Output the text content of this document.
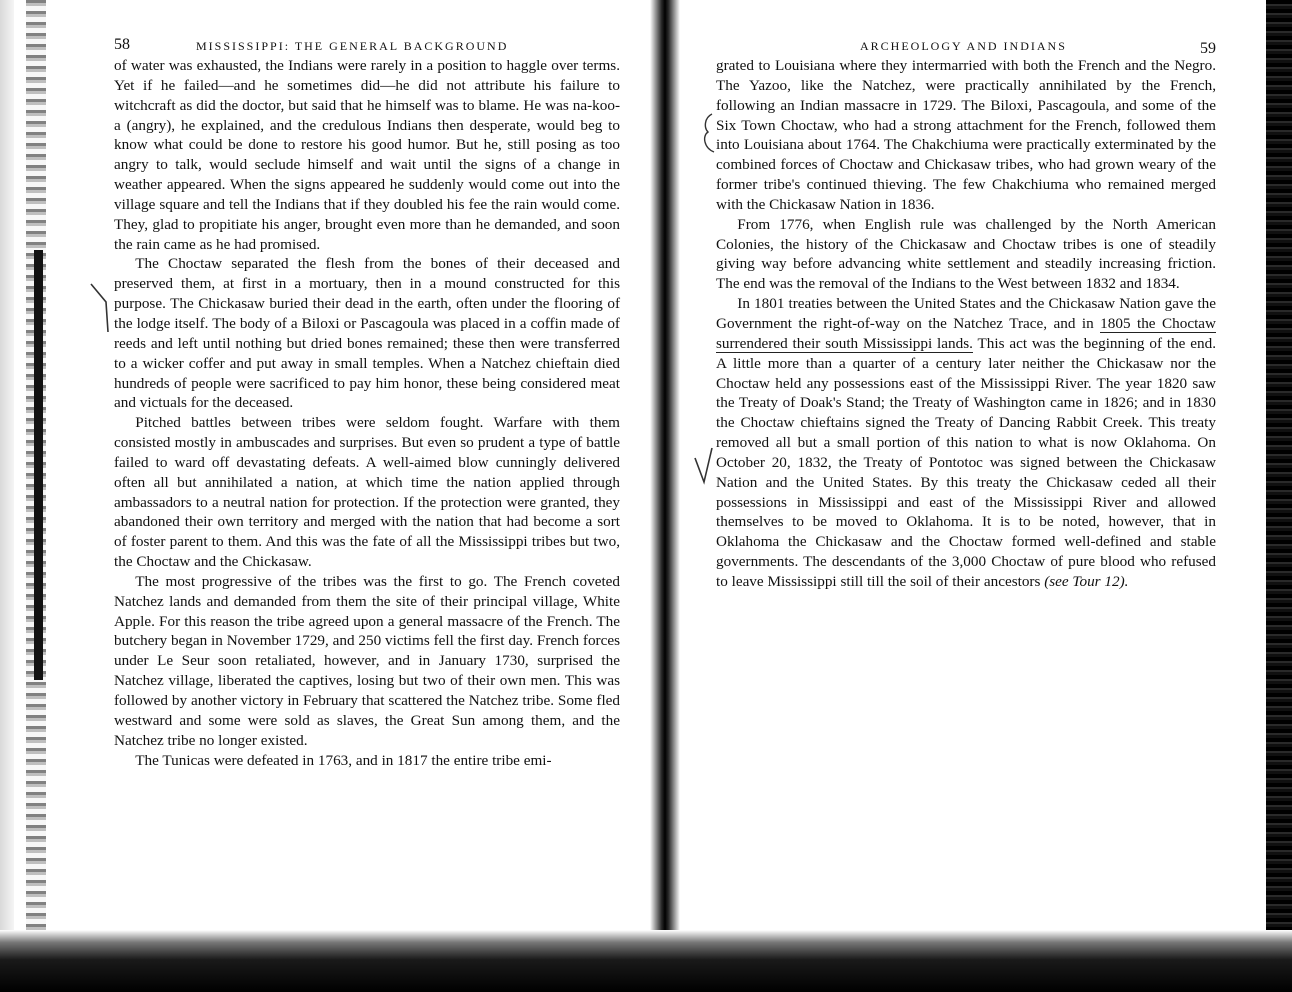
58	MISSISSIPPI: THE GENERAL BACKGROUND

of water was exhausted, the Indians were rarely in a position to haggle over terms. Yet if he failed—and he sometimes did—he did not attribute his failure to witchcraft as did the doctor, but said that he himself was to blame. He was na-koo-a (angry), he explained, and the credulous Indians then desperate, would beg to know what could be done to restore his good humor. But he, still posing as too angry to talk, would seclude himself and wait until the signs of a change in weather appeared. When the signs appeared he suddenly would come out into the village square and tell the Indians that if they doubled his fee the rain would come. They, glad to propitiate his anger, brought even more than he demanded, and soon the rain came as he had promised.

The Choctaw separated the flesh from the bones of their deceased and preserved them, at first in a mortuary, then in a mound constructed for this purpose. The Chickasaw buried their dead in the earth, often under the flooring of the lodge itself. The body of a Biloxi or Pascagoula was placed in a coffin made of reeds and left until nothing but dried bones remained; these then were transferred to a wicker coffer and put away in small temples. When a Natchez chieftain died hundreds of people were sacrificed to pay him honor, these being considered meat and victuals for the deceased.

Pitched battles between tribes were seldom fought. Warfare with them consisted mostly in ambuscades and surprises. But even so prudent a type of battle failed to ward off devastating defeats. A well-aimed blow cunningly delivered often all but annihilated a nation, at which time the nation applied through ambassadors to a neutral nation for protection. If the protection were granted, they abandoned their own territory and merged with the nation that had become a sort of foster parent to them. And this was the fate of all the Mississippi tribes but two, the Choctaw and the Chickasaw.

The most progressive of the tribes was the first to go. The French coveted Natchez lands and demanded from them the site of their principal village, White Apple. For this reason the tribe agreed upon a general massacre of the French. The butchery began in November 1729, and 250 victims fell the first day. French forces under Le Seur soon retaliated, however, and in January 1730, surprised the Natchez village, liberated the captives, losing but two of their own men. This was followed by another victory in February that scattered the Natchez tribe. Some fled westward and some were sold as slaves, the Great Sun among them, and the Natchez tribe no longer existed.

The Tunicas were defeated in 1763, and in 1817 the entire tribe emi-

ARCHEOLOGY AND INDIANS	59

grated to Louisiana where they intermarried with both the French and the Negro. The Yazoo, like the Natchez, were practically annihilated by the French, following an Indian massacre in 1729. The Biloxi, Pascagoula, and some of the Six Town Choctaw, who had a strong attachment for the French, followed them into Louisiana about 1764. The Chakchiuma were practically exterminated by the combined forces of Choctaw and Chickasaw tribes, who had grown weary of the former tribe's continued thieving. The few Chakchiuma who remained merged with the Chickasaw Nation in 1836.

From 1776, when English rule was challenged by the North American Colonies, the history of the Chickasaw and Choctaw tribes is one of steadily giving way before advancing white settlement and steadily increasing friction. The end was the removal of the Indians to the West between 1832 and 1834.

In 1801 treaties between the United States and the Chickasaw Nation gave the Government the right-of-way on the Natchez Trace, and in 1805 the Choctaw surrendered their south Mississippi lands. This act was the beginning of the end. A little more than a quarter of a century later neither the Chickasaw nor the Choctaw held any possessions east of the Mississippi River. The year 1820 saw the Treaty of Doak's Stand; the Treaty of Washington came in 1826; and in 1830 the Choctaw chieftains signed the Treaty of Dancing Rabbit Creek. This treaty removed all but a small portion of this nation to what is now Oklahoma. On October 20, 1832, the Treaty of Pontotoc was signed between the Chickasaw Nation and the United States. By this treaty the Chickasaw ceded all their possessions in Mississippi and east of the Mississippi River and allowed themselves to be moved to Oklahoma. It is to be noted, however, that in Oklahoma the Chickasaw and the Choctaw formed well-defined and stable governments. The descendants of the 3,000 Choctaw of pure blood who refused to leave Mississippi still till the soil of their ancestors (see Tour 12).
